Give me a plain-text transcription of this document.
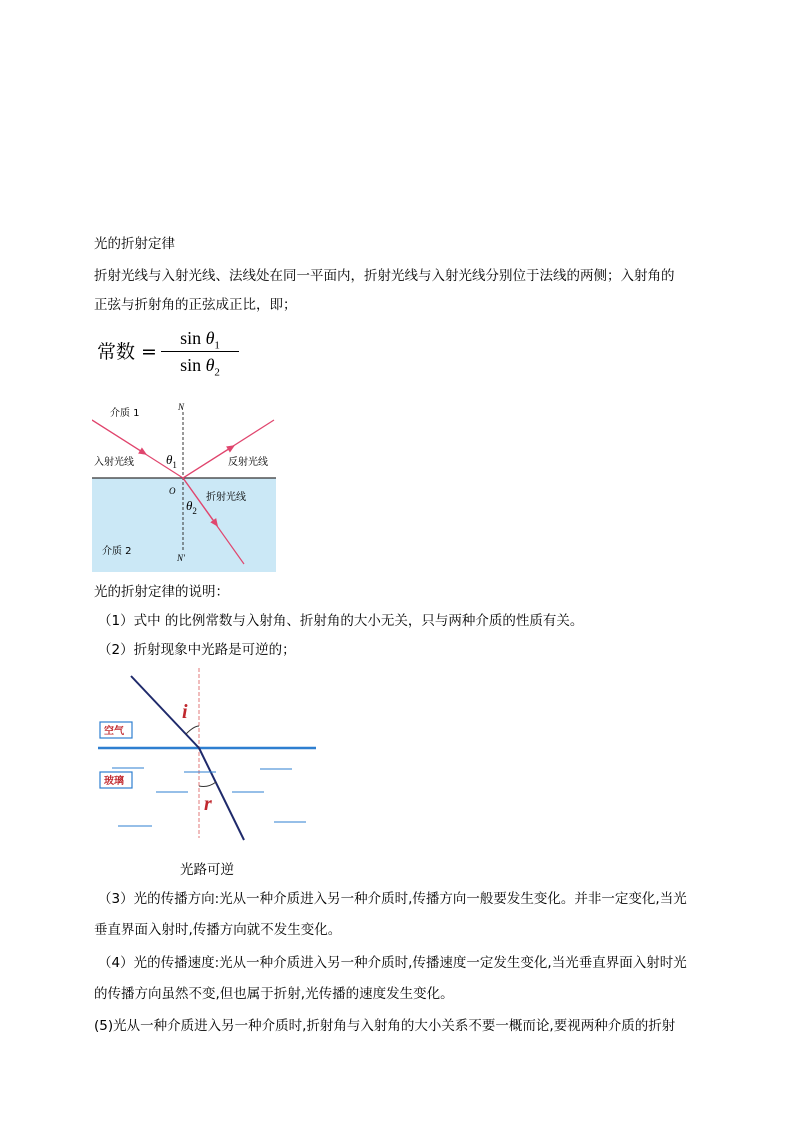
光的折射定律
折射光线与入射光线、法线处在同一平面内，折射光线与入射光线分别位于法线的两侧；入射角的
正弦与折射角的正弦成正比，即；
常数 =
$\sin \theta_1$
$\sin \theta_2$
介质 1
N
$\theta_1$
入射光线	反射光线
O
折射光线
$\theta_2$
介质 2
N′
光的折射定律的说明：
（1）式中 的比例常数与入射角、折射角的大小无关，只与两种介质的性质有关。
（2）折射现象中光路是可逆的；
空气
玻璃
i
r
光路可逆
（3）光的传播方向:光从一种介质进入另一种介质时,传播方向一般要发生变化。并非一定变化,当光
垂直界面入射时,传播方向就不发生变化。
（4）光的传播速度:光从一种介质进入另一种介质时,传播速度一定发生变化,当光垂直界面入射时光
的传播方向虽然不变,但也属于折射,光传播的速度发生变化。
(5)光从一种介质进入另一种介质时,折射角与入射角的大小关系不要一概而论,要视两种介质的折射
